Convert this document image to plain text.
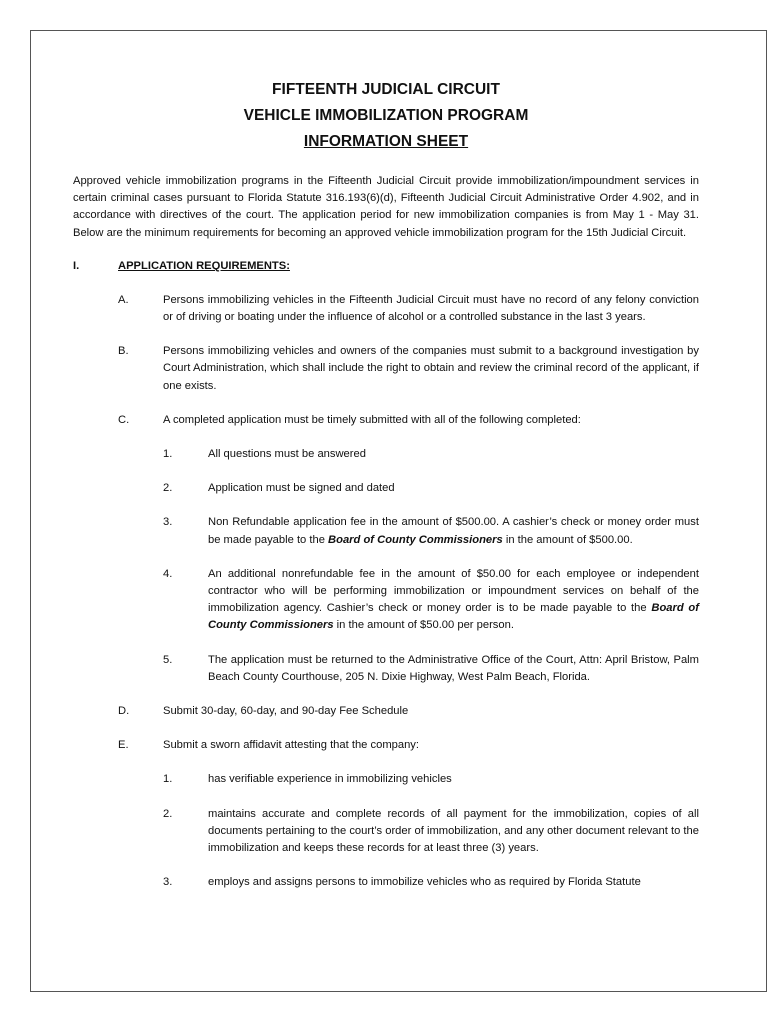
FIFTEENTH JUDICIAL CIRCUIT
VEHICLE IMMOBILIZATION PROGRAM
INFORMATION SHEET
Approved vehicle immobilization programs in the Fifteenth Judicial Circuit provide immobilization/impoundment services in certain criminal cases pursuant to Florida Statute 316.193(6)(d), Fifteenth Judicial Circuit Administrative Order 4.902, and in accordance with directives of the court. The application period for new immobilization companies is from May 1 - May 31. Below are the minimum requirements for becoming an approved vehicle immobilization program for the 15th Judicial Circuit.
I.	APPLICATION REQUIREMENTS:
A.	Persons immobilizing vehicles in the Fifteenth Judicial Circuit must have no record of any felony conviction or of driving or boating under the influence of alcohol or a controlled substance in the last 3 years.
B.	Persons immobilizing vehicles and owners of the companies must submit to a background investigation by Court Administration, which shall include the right to obtain and review the criminal record of the applicant, if one exists.
C.	A completed application must be timely submitted with all of the following completed:
1.	All questions must be answered
2.	Application must be signed and dated
3.	Non Refundable application fee in the amount of $500.00. A cashier’s check or money order must be made payable to the Board of County Commissioners in the amount of $500.00.
4.	An additional nonrefundable fee in the amount of $50.00 for each employee or independent contractor who will be performing immobilization or impoundment services on behalf of the immobilization agency. Cashier’s check or money order is to be made payable to the Board of County Commissioners in the amount of $50.00 per person.
5.	The application must be returned to the Administrative Office of the Court, Attn: April Bristow, Palm Beach County Courthouse, 205 N. Dixie Highway, West Palm Beach, Florida.
D.	Submit 30-day, 60-day, and 90-day Fee Schedule
E.	Submit a sworn affidavit attesting that the company:
1.	has verifiable experience in immobilizing vehicles
2.	maintains accurate and complete records of all payment for the immobilization, copies of all documents pertaining to the court’s order of immobilization, and any other document relevant to the immobilization and keeps these records for at least three (3) years.
3.	employs and assigns persons to immobilize vehicles who as required by Florida Statute
